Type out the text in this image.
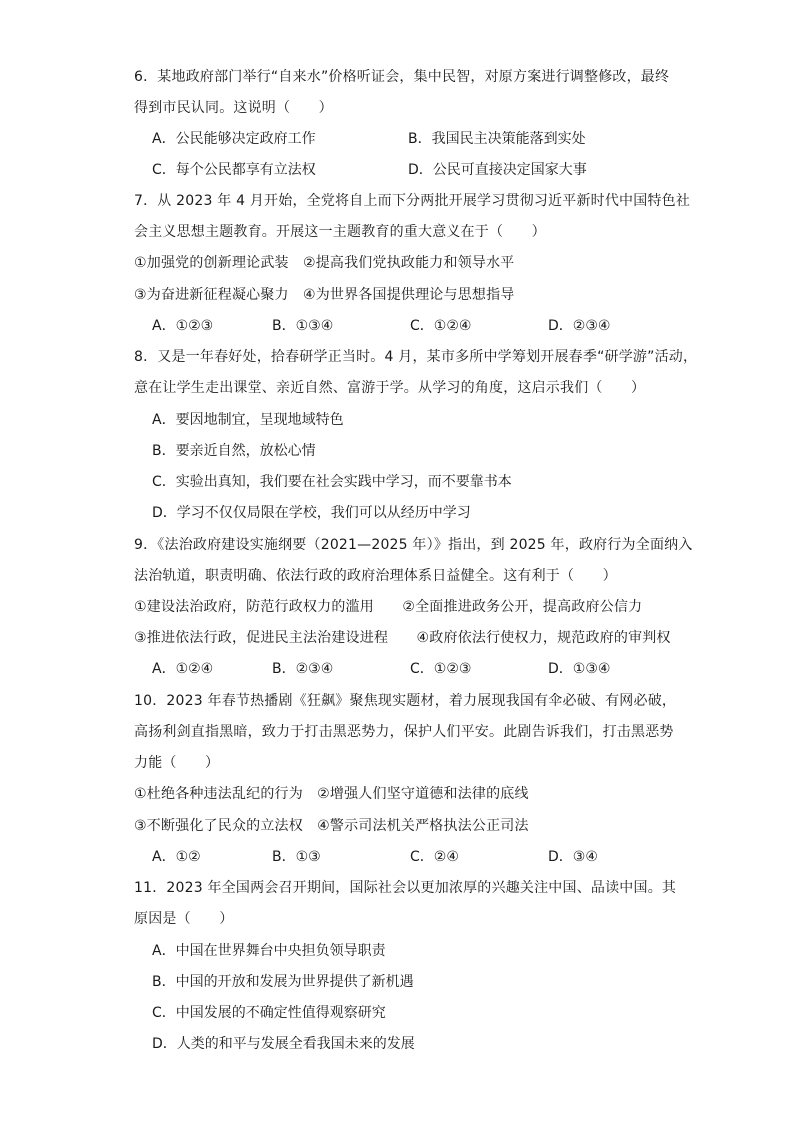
6．某地政府部门举行“自来水”价格听证会，集中民智，对原方案进行调整修改，最终
得到市民认同。这说明（　　）
A．公民能够决定政府工作	B．我国民主决策能落到实处
C．每个公民都享有立法权	D．公民可直接决定国家大事
7．从 2023 年 4 月开始，全党将自上而下分两批开展学习贯彻习近平新时代中国特色社
会主义思想主题教育。开展这一主题教育的重大意义在于（　　）
①加强党的创新理论武装　②提高我们党执政能力和领导水平
③为奋进新征程凝心聚力　④为世界各国提供理论与思想指导
A．①②③	B．①③④	C．①②④	D．②③④
8．又是一年春好处，拾春研学正当时。4 月，某市多所中学筹划开展春季“研学游”活动，
意在让学生走出课堂、亲近自然、富游于学。从学习的角度，这启示我们（　　）
A．要因地制宜，呈现地域特色
B．要亲近自然，放松心情
C．实验出真知，我们要在社会实践中学习，而不要靠书本
D．学习不仅仅局限在学校，我们可以从经历中学习
9．《法治政府建设实施纲要（2021—2025 年）》指出，到 2025 年，政府行为全面纳入
法治轨道，职责明确、依法行政的政府治理体系日益健全。这有利于（　　）
①建设法治政府，防范行政权力的滥用　　②全面推进政务公开，提高政府公信力
③推进依法行政，促进民主法治建设进程　　④政府依法行使权力，规范政府的审判权
A．①②④	B．②③④	C．①②③	D．①③④
10．2023 年春节热播剧《狂飙》聚焦现实题材，着力展现我国有伞必破、有网必破，
高扬利剑直指黑暗，致力于打击黑恶势力，保护人们平安。此剧告诉我们，打击黑恶势
力能（　　）
①杜绝各种违法乱纪的行为　②增强人们坚守道德和法律的底线
③不断强化了民众的立法权　④警示司法机关严格执法公正司法
A．①②	B．①③	C．②④	D．③④
11．2023 年全国两会召开期间，国际社会以更加浓厚的兴趣关注中国、品读中国。其
原因是（　　）
A．中国在世界舞台中央担负领导职责
B．中国的开放和发展为世界提供了新机遇
C．中国发展的不确定性值得观察研究
D．人类的和平与发展全看我国未来的发展
